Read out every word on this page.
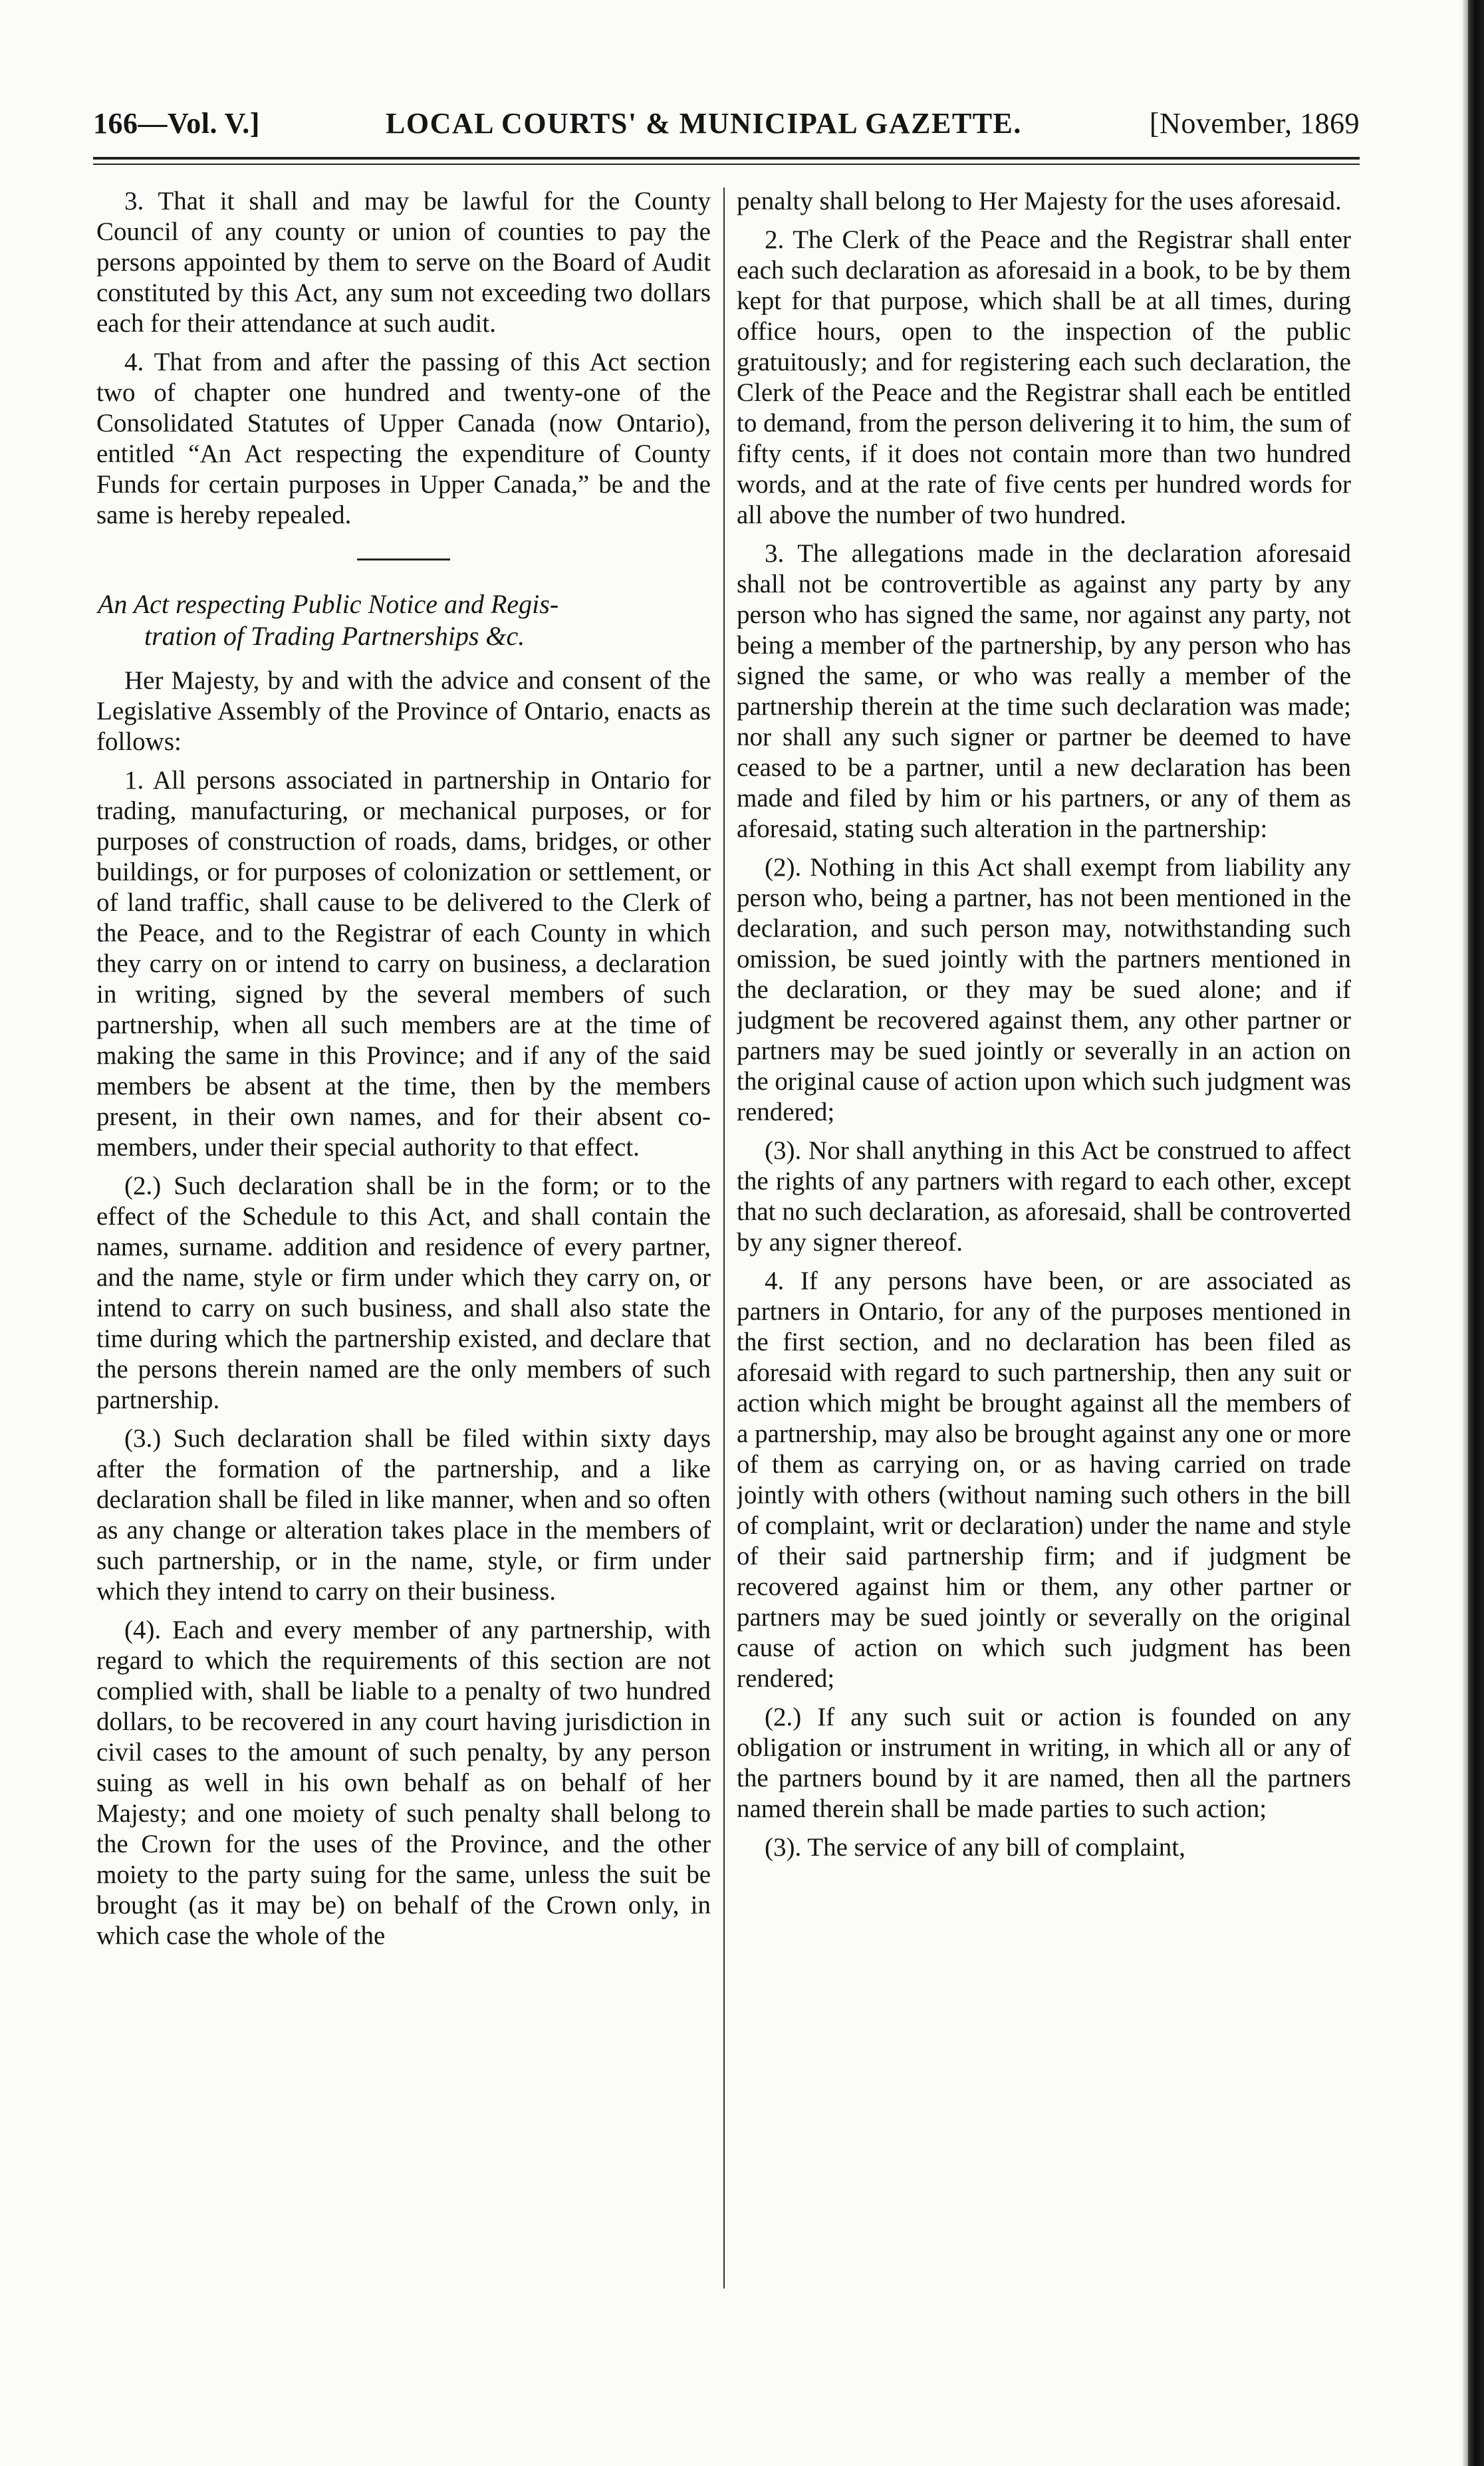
166—Vol. V.]	LOCAL COURTS' & MUNICIPAL GAZETTE.	[November, 1869

3. That it shall and may be lawful for the County Council of any county or union of counties to pay the persons appointed by them to serve on the Board of Audit constituted by this Act, any sum not exceeding two dollars each for their attendance at such audit.

4. That from and after the passing of this Act section two of chapter one hundred and twenty-one of the Consolidated Statutes of Upper Canada (now Ontario), entitled “An Act respecting the expenditure of County Funds for certain purposes in Upper Canada,” be and the same is hereby repealed.

An Act respecting Public Notice and Regis-
tration of Trading Partnerships &c.

Her Majesty, by and with the advice and consent of the Legislative Assembly of the Province of Ontario, enacts as follows:

1. All persons associated in partnership in Ontario for trading, manufacturing, or mechanical purposes, or for purposes of construction of roads, dams, bridges, or other buildings, or for purposes of colonization or settlement, or of land traffic, shall cause to be delivered to the Clerk of the Peace, and to the Registrar of each County in which they carry on or intend to carry on business, a declaration in writing, signed by the several members of such partnership, when all such members are at the time of making the same in this Province; and if any of the said members be absent at the time, then by the members present, in their own names, and for their absent co-members, under their special authority to that effect.

(2.) Such declaration shall be in the form; or to the effect of the Schedule to this Act, and shall contain the names, surname. addition and residence of every partner, and the name, style or firm under which they carry on, or intend to carry on such business, and shall also state the time during which the partnership existed, and declare that the persons therein named are the only members of such partnership.

(3.) Such declaration shall be filed within sixty days after the formation of the partnership, and a like declaration shall be filed in like manner, when and so often as any change or alteration takes place in the members of such partnership, or in the name, style, or firm under which they intend to carry on their business.

(4). Each and every member of any partnership, with regard to which the requirements of this section are not complied with, shall be liable to a penalty of two hundred dollars, to be recovered in any court having jurisdiction in civil cases to the amount of such penalty, by any person suing as well in his own behalf as on behalf of her Majesty; and one moiety of such penalty shall belong to the Crown for the uses of the Province, and the other moiety to the party suing for the same, unless the suit be brought (as it may be) on behalf of the Crown only, in which case the whole of the

penalty shall belong to Her Majesty for the uses aforesaid.

2. The Clerk of the Peace and the Registrar shall enter each such declaration as aforesaid in a book, to be by them kept for that purpose, which shall be at all times, during office hours, open to the inspection of the public gratuitously; and for registering each such declaration, the Clerk of the Peace and the Registrar shall each be entitled to demand, from the person delivering it to him, the sum of fifty cents, if it does not contain more than two hundred words, and at the rate of five cents per hundred words for all above the number of two hundred.

3. The allegations made in the declaration aforesaid shall not be controvertible as against any party by any person who has signed the same, nor against any party, not being a member of the partnership, by any person who has signed the same, or who was really a member of the partnership therein at the time such declaration was made; nor shall any such signer or partner be deemed to have ceased to be a partner, until a new declaration has been made and filed by him or his partners, or any of them as aforesaid, stating such alteration in the partnership:

(2). Nothing in this Act shall exempt from liability any person who, being a partner, has not been mentioned in the declaration, and such person may, notwithstanding such omission, be sued jointly with the partners mentioned in the declaration, or they may be sued alone; and if judgment be recovered against them, any other partner or partners may be sued jointly or severally in an action on the original cause of action upon which such judgment was rendered;

(3). Nor shall anything in this Act be construed to affect the rights of any partners with regard to each other, except that no such declaration, as aforesaid, shall be controverted by any signer thereof.

4. If any persons have been, or are associated as partners in Ontario, for any of the purposes mentioned in the first section, and no declaration has been filed as aforesaid with regard to such partnership, then any suit or action which might be brought against all the members of a partnership, may also be brought against any one or more of them as carrying on, or as having carried on trade jointly with others (without naming such others in the bill of complaint, writ or declaration) under the name and style of their said partnership firm; and if judgment be recovered against him or them, any other partner or partners may be sued jointly or severally on the original cause of action on which such judgment has been rendered;

(2.) If any such suit or action is founded on any obligation or instrument in writing, in which all or any of the partners bound by it are named, then all the partners named therein shall be made parties to such action;

(3). The service of any bill of complaint,
